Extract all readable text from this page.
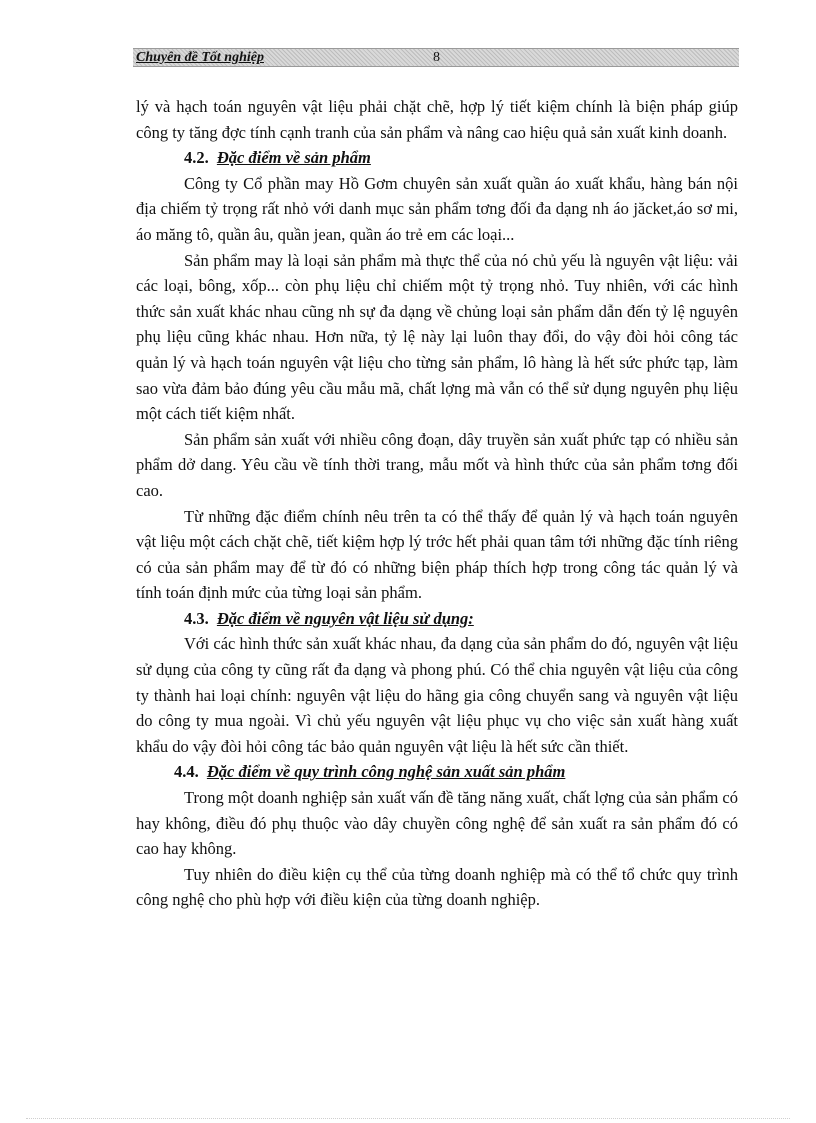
Chuyên đề Tốt nghiệp	8

lý và hạch toán nguyên vật liệu phải chặt chẽ, hợp lý tiết kiệm chính là biện pháp giúp công ty tăng đợc tính cạnh tranh của sản phẩm và nâng cao hiệu quả sản xuất kinh doanh.

4.2. Đặc điểm về sản phẩm

Công ty Cổ phần may Hồ Gơm chuyên sản xuất quần áo xuất khẩu, hàng bán nội địa chiếm tỷ trọng rất nhỏ với danh mục sản phẩm tơng đối đa dạng nh áo jăcket,áo sơ mi, áo măng tô, quần âu, quần jean, quần áo trẻ em các loại...

Sản phẩm may là loại sản phẩm mà thực thể của nó chủ yếu là nguyên vật liệu: vải các loại, bông, xốp... còn phụ liệu chỉ chiếm một tỷ trọng nhỏ. Tuy nhiên, với các hình thức sản xuất khác nhau cũng nh sự đa dạng về chủng loại sản phẩm dẫn đến tỷ lệ nguyên phụ liệu cũng khác nhau. Hơn nữa, tỷ lệ này lại luôn thay đổi, do vậy đòi hỏi công tác quản lý và hạch toán nguyên vật liệu cho từng sản phẩm, lô hàng là hết sức phức tạp, làm sao vừa đảm bảo đúng yêu cầu mẫu mã, chất lợng mà vẫn có thể sử dụng nguyên phụ liệu một cách tiết kiệm nhất.

Sản phẩm sản xuất với nhiều công đoạn, dây truyền sản xuất phức tạp có nhiều sản phẩm dở dang. Yêu cầu về tính thời trang, mẫu mốt và hình thức của sản phẩm tơng đối cao.

Từ những đặc điểm chính nêu trên ta có thể thấy để quản lý và hạch toán nguyên vật liệu một cách chặt chẽ, tiết kiệm hợp lý trớc hết phải quan tâm tới những đặc tính riêng có của sản phẩm may để từ đó có những biện pháp thích hợp trong công tác quản lý và tính toán định mức của từng loại sản phẩm.

4.3. Đặc điểm về nguyên vật liệu sử dụng:

Với các hình thức sản xuất khác nhau, đa dạng của sản phẩm do đó, nguyên vật liệu sử dụng của công ty cũng rất đa dạng và phong phú. Có thể chia nguyên vật liệu của công ty thành hai loại chính: nguyên vật liệu do hãng gia công chuyển sang và nguyên vật liệu do công ty mua ngoài. Vì chủ yếu nguyên vật liệu phục vụ cho việc sản xuất hàng xuất khẩu do vậy đòi hỏi công tác bảo quản nguyên vật liệu là hết sức cần thiết.

4.4. Đặc điểm về quy trình công nghệ sản xuất sản phẩm

Trong một doanh nghiệp sản xuất vấn đề tăng năng xuất, chất lợng của sản phẩm có hay không, điều đó phụ thuộc vào dây chuyền công nghệ để sản xuất ra sản phẩm đó có cao hay không.

Tuy nhiên do điều kiện cụ thể của từng doanh nghiệp mà có thể tổ chức quy trình công nghệ cho phù hợp với điều kiện của từng doanh nghiệp.
